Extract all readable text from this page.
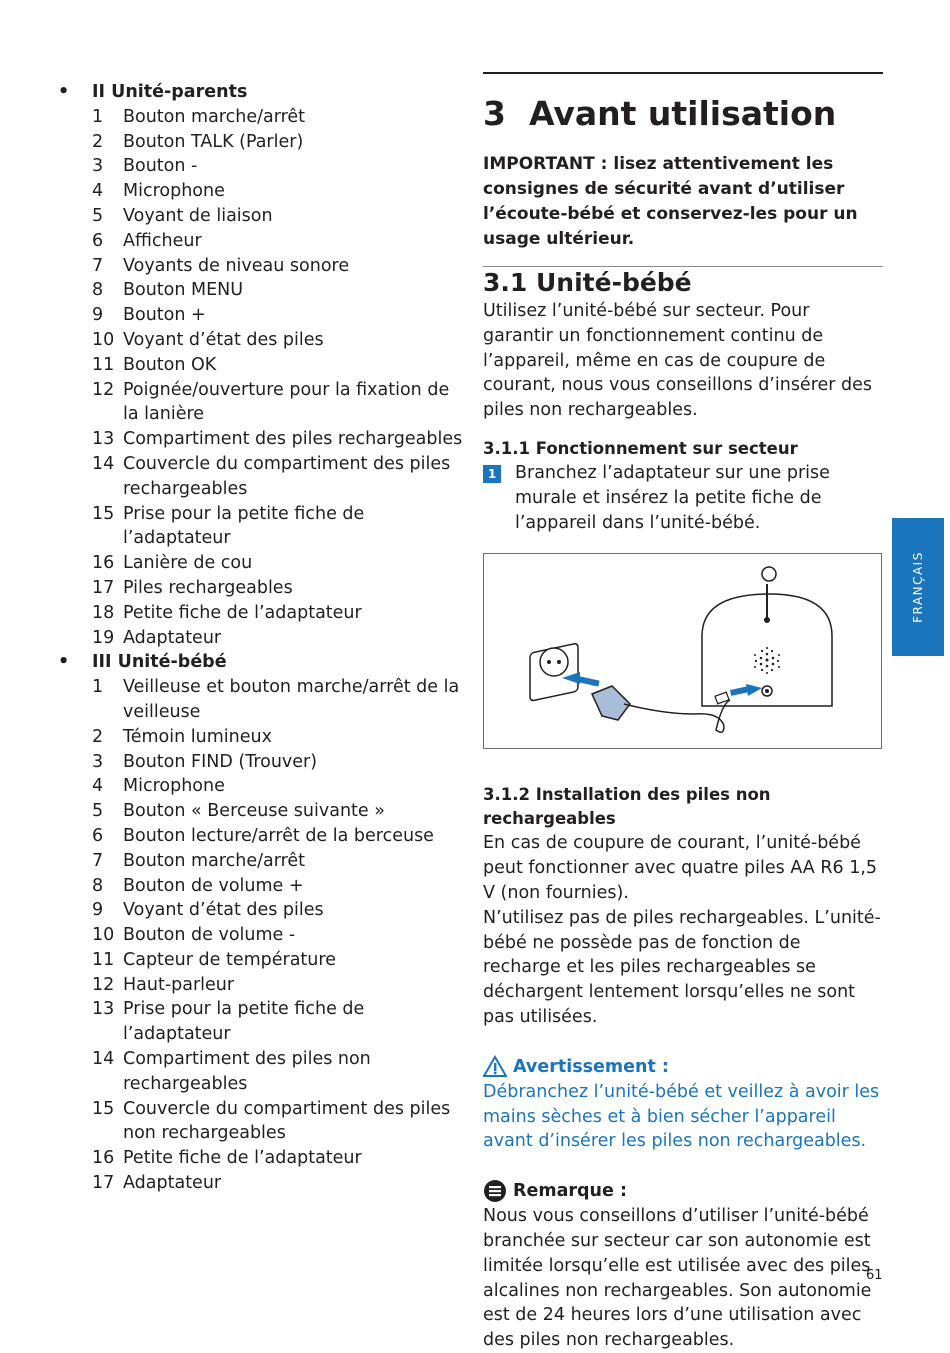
• II Unité-parents
1 Bouton marche/arrêt
2 Bouton TALK (Parler)
3 Bouton -
4 Microphone
5 Voyant de liaison
6 Afficheur
7 Voyants de niveau sonore
8 Bouton MENU
9 Bouton +
10 Voyant d’état des piles
11 Bouton OK
12 Poignée/ouverture pour la fixation de la lanière
13 Compartiment des piles rechargeables
14 Couvercle du compartiment des piles rechargeables
15 Prise pour la petite fiche de l’adaptateur
16 Lanière de cou
17 Piles rechargeables
18 Petite fiche de l’adaptateur
19 Adaptateur
• III Unité-bébé
1 Veilleuse et bouton marche/arrêt de la veilleuse
2 Témoin lumineux
3 Bouton FIND (Trouver)
4 Microphone
5 Bouton « Berceuse suivante »
6 Bouton lecture/arrêt de la berceuse
7 Bouton marche/arrêt
8 Bouton de volume +
9 Voyant d’état des piles
10 Bouton de volume -
11 Capteur de température
12 Haut-parleur
13 Prise pour la petite fiche de l’adaptateur
14 Compartiment des piles non rechargeables
15 Couvercle du compartiment des piles non rechargeables
16 Petite fiche de l’adaptateur
17 Adaptateur
3 Avant utilisation
IMPORTANT : lisez attentivement les consignes de sécurité avant d’utiliser l’écoute-bébé et conservez-les pour un usage ultérieur.
3.1 Unité-bébé

Utilisez l’unité-bébé sur secteur. Pour garantir un fonctionnement continu de l’appareil, même en cas de coupure de courant, nous vous conseillons d’insérer des piles non rechargeables.

3.1.1 Fonctionnement sur secteur
1 Branchez l’adaptateur sur une prise murale et insérez la petite fiche de l’appareil dans l’unité-bébé.
3.1.2 Installation des piles non rechargeables

En cas de coupure de courant, l’unité-bébé peut fonctionner avec quatre piles AA R6 1,5 V (non fournies).

N’utilisez pas de piles rechargeables. L’unité-bébé ne possède pas de fonction de recharge et les piles rechargeables se déchargent lentement lorsqu’elles ne sont pas utilisées.

Avertissement :

Débranchez l’unité-bébé et veillez à avoir les mains sèches et à bien sécher l’appareil avant d’insérer les piles non rechargeables.

Remarque :

Nous vous conseillons d’utiliser l’unité-bébé branchée sur secteur car son autonomie est limitée lorsqu’elle est utilisée avec des piles alcalines non rechargeables. Son autonomie est de 24 heures lors d’une utilisation avec des piles non rechargeables.

FRANÇAIS
61
